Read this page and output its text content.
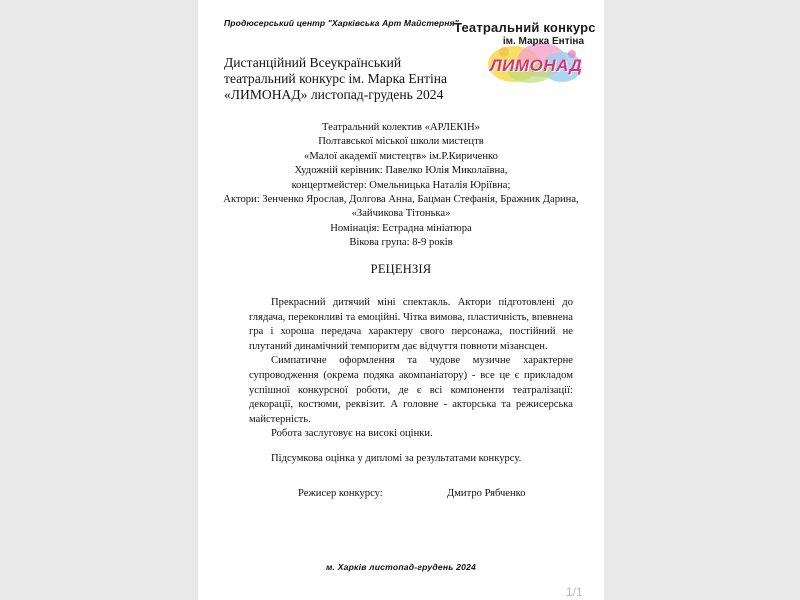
Продюсерський центр "Харківська Арт Майстерня"
Дистанційний Всеукраїнський
театральний конкурс ім. Марка Ентіна
«ЛИМОНАД» листопад-грудень 2024
Театральний конкурс
ім. Марка Ентіна
ЛИМОНАД
Театральний колектив «АРЛЕКІН»
Полтавської міської школи мистецтв
«Малої академії мистецтв» ім.Р.Кириченко
Художній керівник: Павелко Юлія Миколаївна,
концертмейстер: Омельницька Наталія Юріївна;
Актори: Зенченко Ярослав, Долгова Анна, Бацман Стефанія, Бражник Дарина,
«Зайчикова Тітонька»
Номінація: Естрадна мініатюра
Вікова група: 8-9 років
РЕЦЕНЗІЯ

Прекрасний дитячий міні спектакль. Актори підготовлені до глядача, переконливі та емоційні. Чітка вимова, пластичність, впевнена гра і хороша передача характеру свого персонажа, постійний не плутаний динамічний темпоритм дає відчуття повноти мізансцен.

Симпатичне оформлення та чудове музичне характерне супроводження (окрема подяка акомпаніатору) - все це є прикладом успішної конкурсної роботи, де є всі компоненти театралізації: декорації, костюми, реквізит. А головне - акторська та режисерська майстерність.

Робота заслуговує на високі оцінки.

Підсумкова оцінка у дипломі за результатами конкурсу.

Режисер конкурсу:	Дмитро Рябченко
м. Харків листопад-грудень 2024
1/1
